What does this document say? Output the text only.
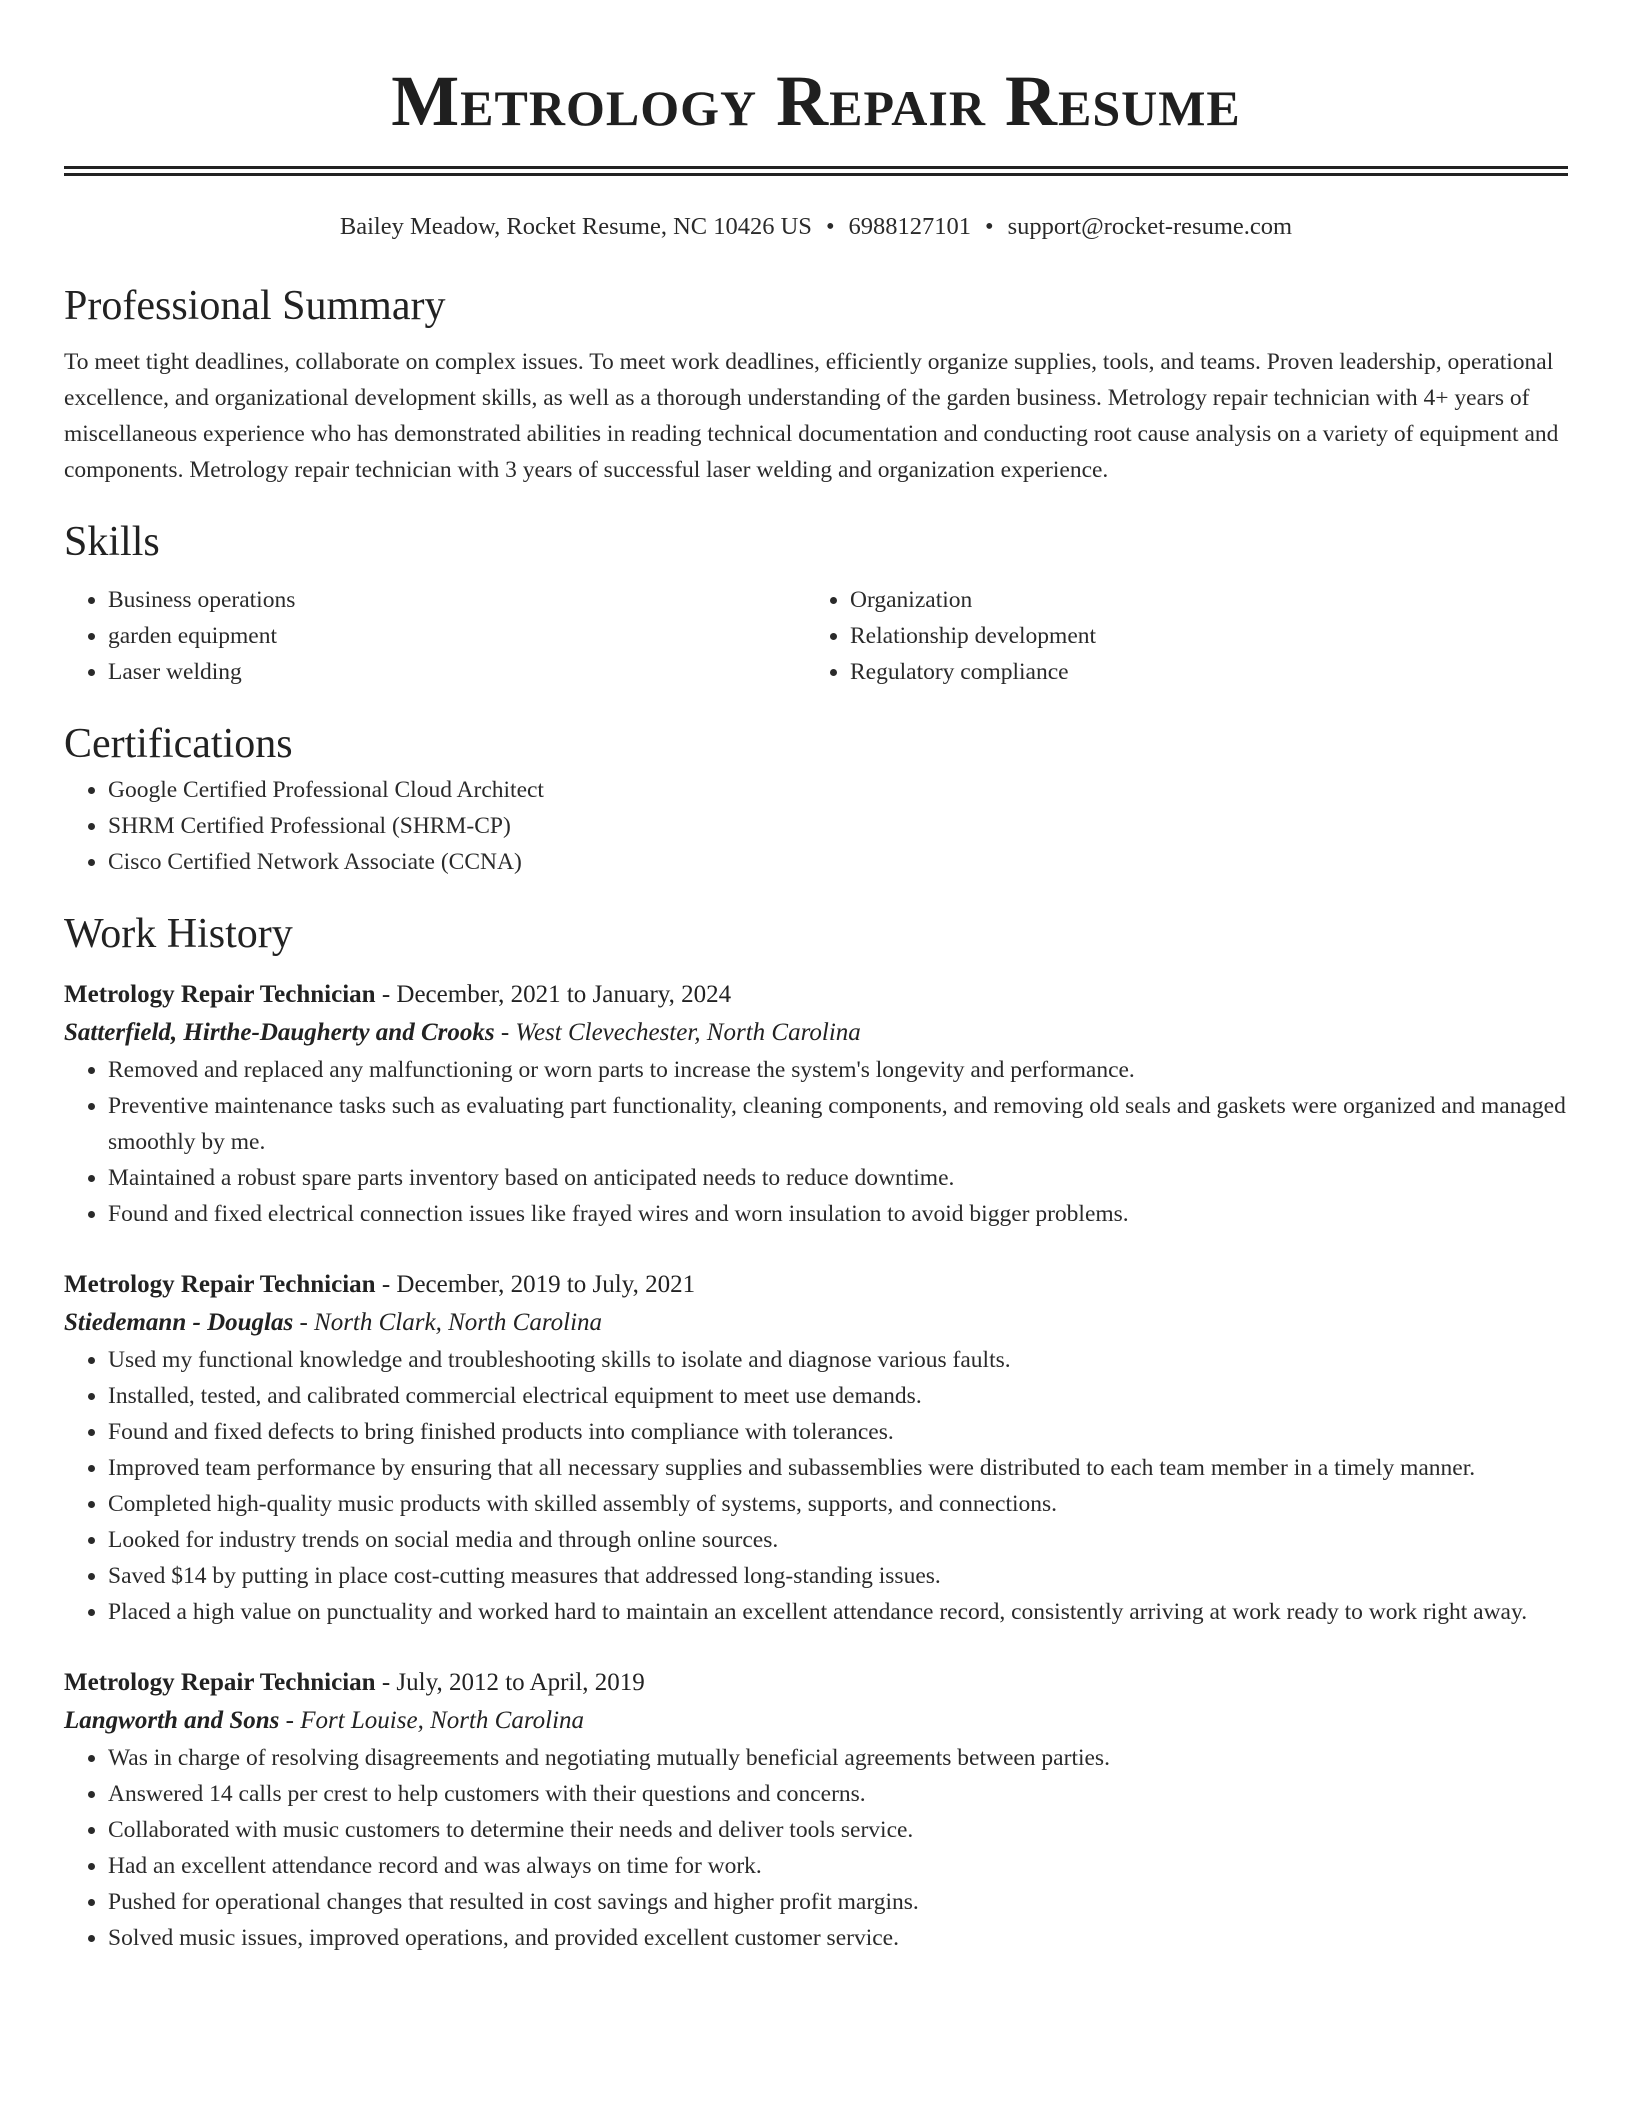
Metrology Repair Resume
Bailey Meadow, Rocket Resume, NC 10426 US • 6988127101 • support@rocket-resume.com
Professional Summary

To meet tight deadlines, collaborate on complex issues. To meet work deadlines, efficiently organize supplies, tools, and teams. Proven leadership, operational excellence, and organizational development skills, as well as a thorough understanding of the garden business. Metrology repair technician with 4+ years of miscellaneous experience who has demonstrated abilities in reading technical documentation and conducting root cause analysis on a variety of equipment and components. Metrology repair technician with 3 years of successful laser welding and organization experience.

Skills
• Business operations
• garden equipment
• Laser welding
• Organization
• Relationship development
• Regulatory compliance
Certifications
• Google Certified Professional Cloud Architect
• SHRM Certified Professional (SHRM-CP)
• Cisco Certified Network Associate (CCNA)
Work History
Metrology Repair Technician - December, 2021 to January, 2024
Satterfield, Hirthe-Daugherty and Crooks - West Clevechester, North Carolina
• Removed and replaced any malfunctioning or worn parts to increase the system's longevity and performance.
• Preventive maintenance tasks such as evaluating part functionality, cleaning components, and removing old seals and gaskets were organized and managed smoothly by me.
• Maintained a robust spare parts inventory based on anticipated needs to reduce downtime.
• Found and fixed electrical connection issues like frayed wires and worn insulation to avoid bigger problems.
Metrology Repair Technician - December, 2019 to July, 2021
Stiedemann - Douglas - North Clark, North Carolina
• Used my functional knowledge and troubleshooting skills to isolate and diagnose various faults.
• Installed, tested, and calibrated commercial electrical equipment to meet use demands.
• Found and fixed defects to bring finished products into compliance with tolerances.
• Improved team performance by ensuring that all necessary supplies and subassemblies were distributed to each team member in a timely manner.
• Completed high-quality music products with skilled assembly of systems, supports, and connections.
• Looked for industry trends on social media and through online sources.
• Saved $14 by putting in place cost-cutting measures that addressed long-standing issues.
• Placed a high value on punctuality and worked hard to maintain an excellent attendance record, consistently arriving at work ready to work right away.
Metrology Repair Technician - July, 2012 to April, 2019
Langworth and Sons - Fort Louise, North Carolina
• Was in charge of resolving disagreements and negotiating mutually beneficial agreements between parties.
• Answered 14 calls per crest to help customers with their questions and concerns.
• Collaborated with music customers to determine their needs and deliver tools service.
• Had an excellent attendance record and was always on time for work.
• Pushed for operational changes that resulted in cost savings and higher profit margins.
• Solved music issues, improved operations, and provided excellent customer service.
